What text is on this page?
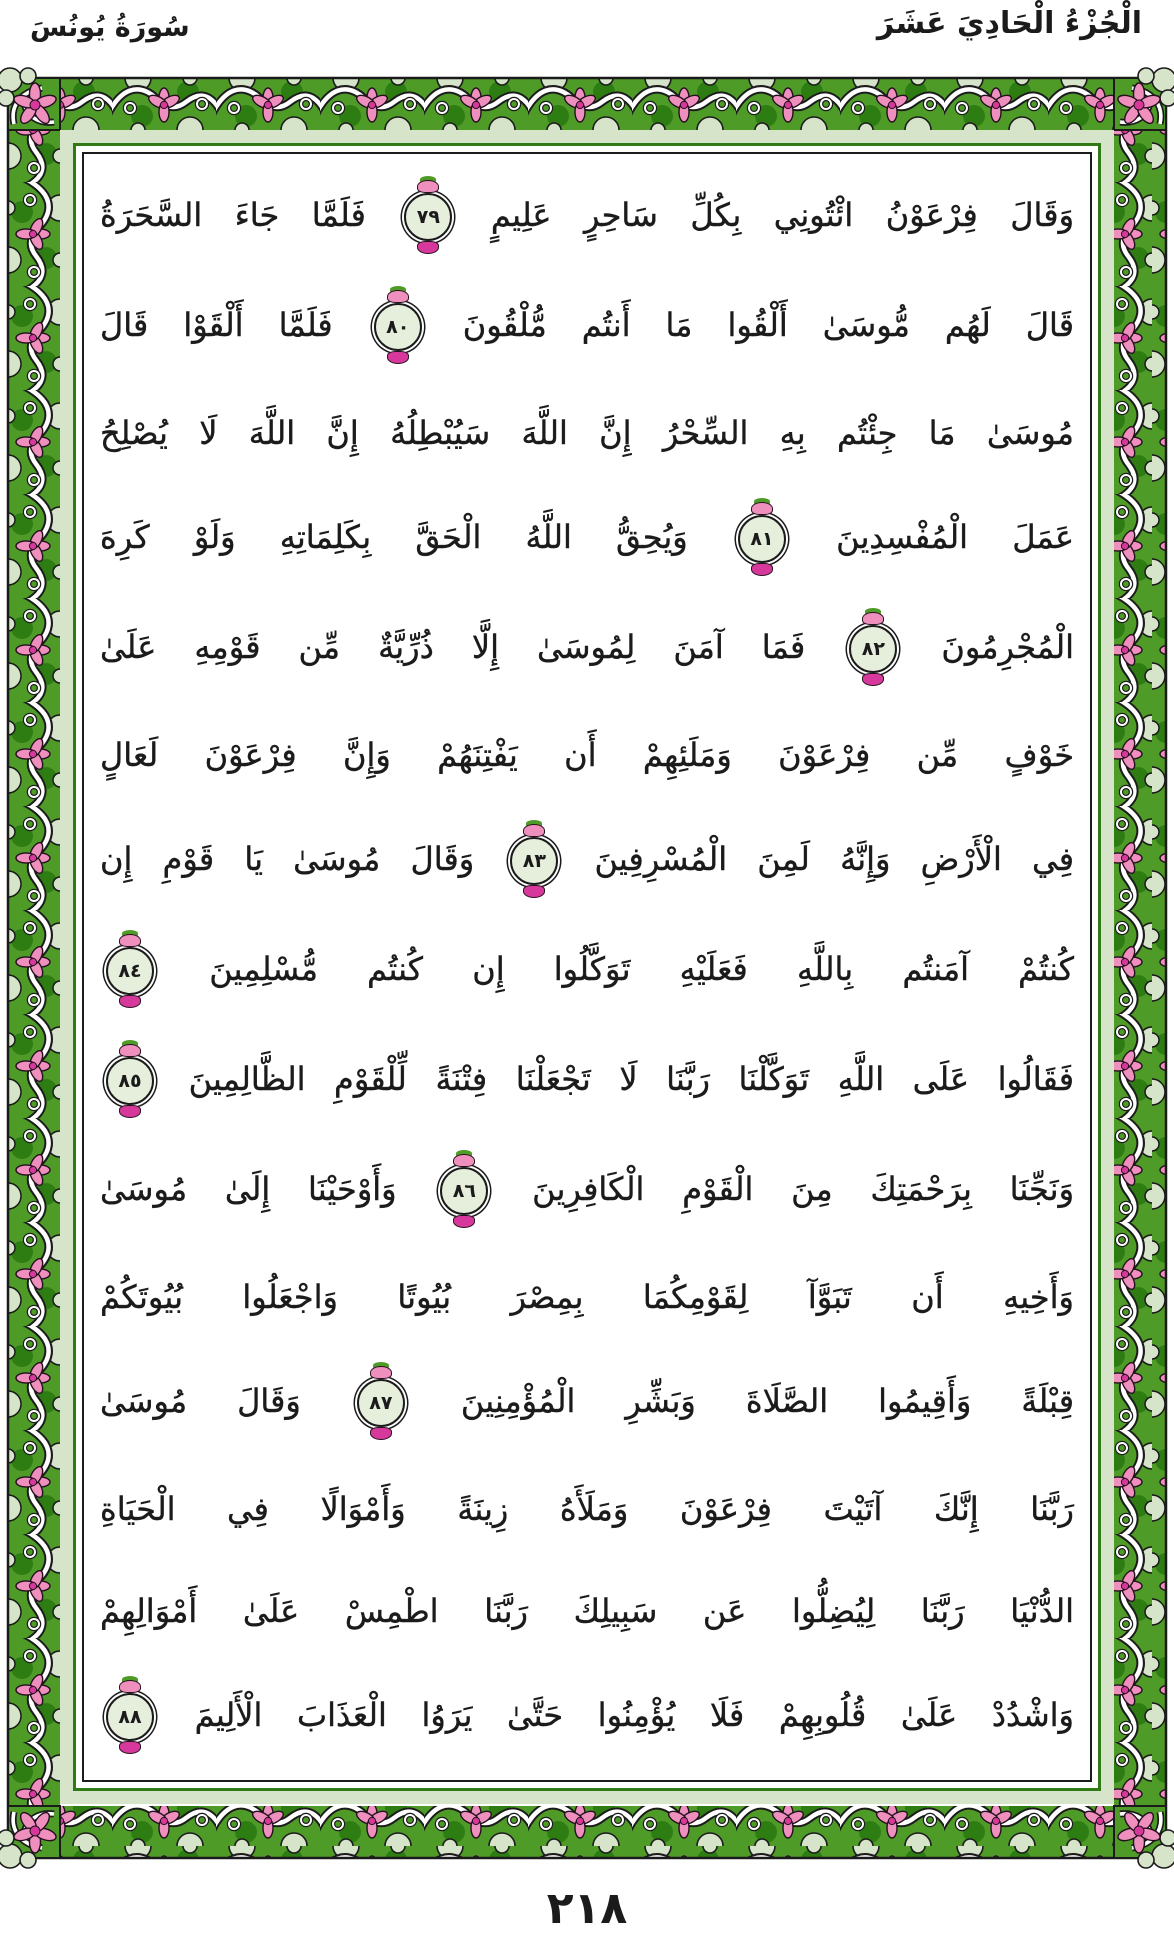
الْجُزْءُ الْحَادِيَ عَشَرَ
سُورَةُ يُونُسَ
وَقَالَ فِرْعَوْنُ ائْتُونِي بِكُلِّ سَاحِرٍ عَلِيمٍ
٧٩
فَلَمَّا جَاءَ السَّحَرَةُ
قَالَ لَهُم مُّوسَىٰ أَلْقُوا مَا أَنتُم مُّلْقُونَ
٨٠
فَلَمَّا أَلْقَوْا قَالَ
مُوسَىٰ مَا جِئْتُم بِهِ السِّحْرُ إِنَّ اللَّهَ سَيُبْطِلُهُ إِنَّ اللَّهَ لَا يُصْلِحُ
عَمَلَ الْمُفْسِدِينَ
٨١
وَيُحِقُّ اللَّهُ الْحَقَّ بِكَلِمَاتِهِ وَلَوْ كَرِهَ
الْمُجْرِمُونَ
٨٢
فَمَا آمَنَ لِمُوسَىٰ إِلَّا ذُرِّيَّةٌ مِّن قَوْمِهِ عَلَىٰ
خَوْفٍ مِّن فِرْعَوْنَ وَمَلَئِهِمْ أَن يَفْتِنَهُمْ وَإِنَّ فِرْعَوْنَ لَعَالٍ
فِي الْأَرْضِ وَإِنَّهُ لَمِنَ الْمُسْرِفِينَ
٨٣
وَقَالَ مُوسَىٰ يَا قَوْمِ إِن
كُنتُمْ آمَنتُم بِاللَّهِ فَعَلَيْهِ تَوَكَّلُوا إِن كُنتُم مُّسْلِمِينَ
٨٤
فَقَالُوا عَلَى اللَّهِ تَوَكَّلْنَا رَبَّنَا لَا تَجْعَلْنَا فِتْنَةً لِّلْقَوْمِ الظَّالِمِينَ
٨٥
وَنَجِّنَا بِرَحْمَتِكَ مِنَ الْقَوْمِ الْكَافِرِينَ
٨٦
وَأَوْحَيْنَا إِلَىٰ مُوسَىٰ
وَأَخِيهِ أَن تَبَوَّآ لِقَوْمِكُمَا بِمِصْرَ بُيُوتًا وَاجْعَلُوا بُيُوتَكُمْ
قِبْلَةً وَأَقِيمُوا الصَّلَاةَ وَبَشِّرِ الْمُؤْمِنِينَ
٨٧
وَقَالَ مُوسَىٰ
رَبَّنَا إِنَّكَ آتَيْتَ فِرْعَوْنَ وَمَلَأَهُ زِينَةً وَأَمْوَالًا فِي الْحَيَاةِ
الدُّنْيَا رَبَّنَا لِيُضِلُّوا عَن سَبِيلِكَ رَبَّنَا اطْمِسْ عَلَىٰ أَمْوَالِهِمْ
وَاشْدُدْ عَلَىٰ قُلُوبِهِمْ فَلَا يُؤْمِنُوا حَتَّىٰ يَرَوُا الْعَذَابَ الْأَلِيمَ
٨٨
٢١٨
